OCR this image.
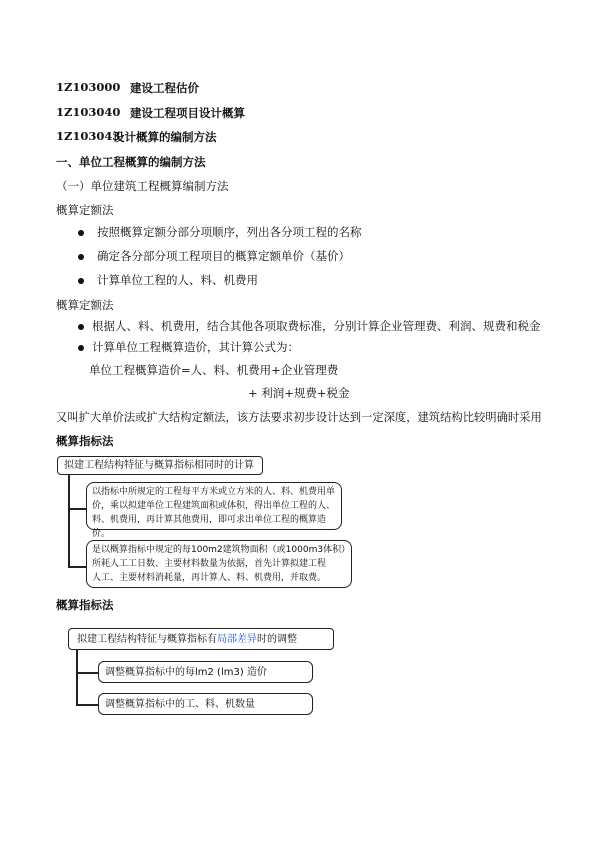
1Z103000 建设工程估价
1Z103040 建设工程项目设计概算
1Z103043
设计概算的编制方法
一、单位工程概算的编制方法
（一）单位建筑工程概算编制方法
概算定额法
按照概算定额分部分项顺序，列出各分项工程的名称
确定各分部分项工程项目的概算定额单价（基价）
计算单位工程的人、料、机费用
概算定额法
根据人、料、机费用，结合其他各项取费标准，分别计算企业管理费、利润、规费和税金
计算单位工程概算造价，其计算公式为：
单位工程概算造价=人、料、机费用+企业管理费
+ 利润+规费+税金
又叫扩大单价法或扩大结构定额法，该方法要求初步设计达到一定深度，建筑结构比较明确时采用
概算指标法
拟建工程结构特征与概算指标相同时的计算
以指标中所规定的工程每平方米或立方米的人、料、机费用单
价，乘以拟建单位工程建筑面积或体积，得出单位工程的人、
料、机费用，再计算其他费用，即可求出单位工程的概算造价。
是以概算指标中规定的每100m2建筑物面积（或1000m3体积）
所耗人工工日数、主要材料数量为依据，首先计算拟建工程
人工、主要材料消耗量，再计算人、料、机费用，并取费。
概算指标法
拟建工程结构特征与概算指标有局部差异时的调整
调整概算指标中的每lm2 (lm3) 造价
调整概算指标中的工、料、机数量
